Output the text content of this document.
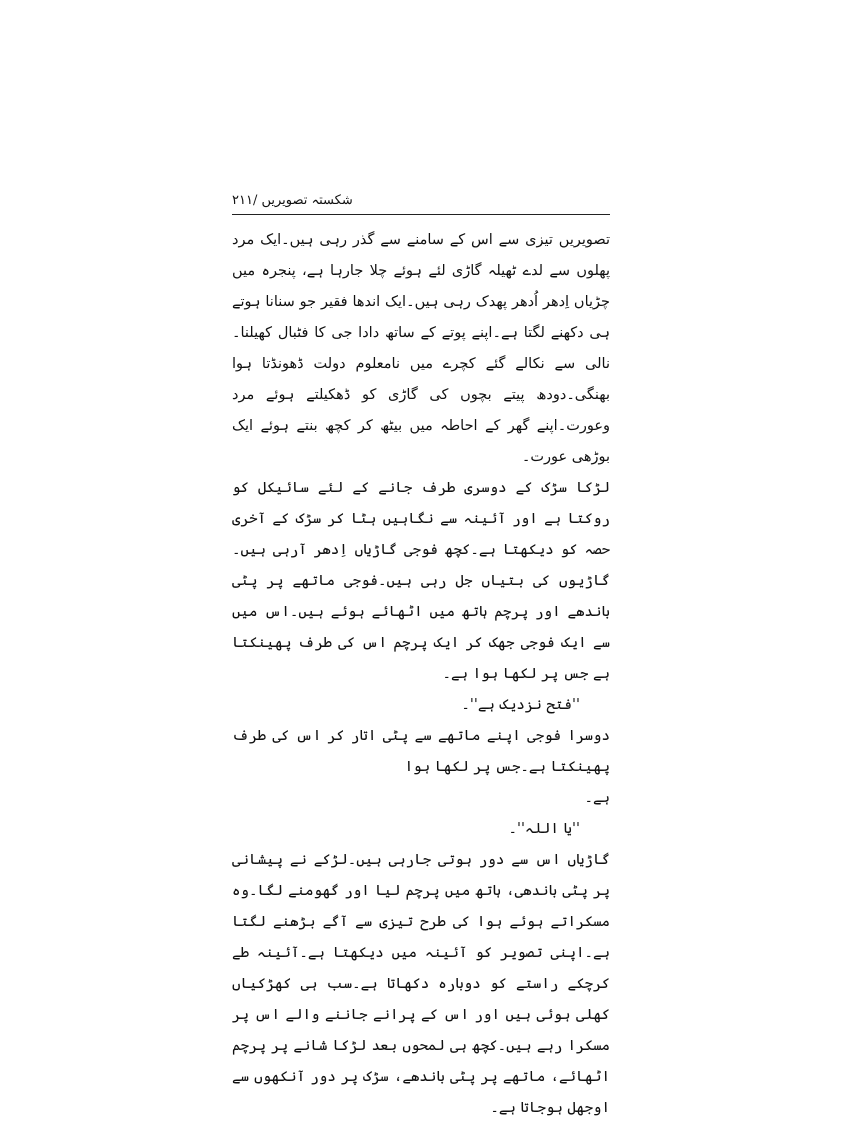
شکستہ تصویریں /۲۱۱

تصویریں تیزی سے اس کے سامنے سے گذر رہی ہیں۔ایک مرد پھلوں سے لدے ٹھیلہ گاڑی لئے ہوئے چلا جارہا ہے، پنجرہ میں چڑیاں اِدھر اُدھر پھدک رہی ہیں۔ایک اندھا فقیر جو سنانا ہوتے ہی دکھنے لگتا ہے۔اپنے پوتے کے ساتھ دادا جی کا فٹبال کھیلنا۔نالی سے نکالے گئے کچرے میں نامعلوم دولت ڈھونڈتا ہوا بھنگی۔دودھ پیتے بچوں کی گاڑی کو ڈھکیلتے ہوئے مرد وعورت۔اپنے گھر کے احاطہ میں بیٹھ کر کچھ بنتے ہوئے ایک بوڑھی عورت۔

لڑکا سڑک کے دوسری طرف جانے کے لئے سائیکل کو روکتا ہے اور آئینہ سے نگاہیں ہٹا کر سڑک کے آخری حصہ کو دیکھتا ہے۔کچھ فوجی گاڑیاں اِدھر آرہی ہیں۔گاڑیوں کی بتیاں جل رہی ہیں۔فوجی ماتھے پر پٹی باندھے اور پرچم ہاتھ میں اٹھائے ہوئے ہیں۔اس میں سے ایک فوجی جھک کر ایک پرچم اس کی طرف پھینکتا ہے جس پر لکھا ہوا ہے۔

''فتح نزدیک ہے''۔

دوسرا فوجی اپنے ماتھے سے پٹی اتار کر اس کی طرف پھینکتا ہے۔جس پر لکھا ہوا

ہے۔

''یا اللہ''۔

گاڑیاں اس سے دور ہوتی جارہی ہیں۔لڑکے نے پیشانی پر پٹی باندھی، ہاتھ میں پرچم لیا اور گھومنے لگا۔وہ مسکراتے ہوئے ہوا کی طرح تیزی سے آگے بڑھنے لگتا ہے۔اپنی تصویر کو آئینہ میں دیکھتا ہے۔آئینہ طے کرچکے راستے کو دوبارہ دکھاتا ہے۔سب ہی کھڑکیاں کھلی ہوئی ہیں اور اس کے پرانے جاننے والے اس پر مسکرا رہے ہیں۔کچھ ہی لمحوں بعد لڑکا شانے پر پرچم اٹھائے، ماتھے پر پٹی باندھے، سڑک پر دور آنکھوں سے اوجھل ہوجاتا ہے۔
